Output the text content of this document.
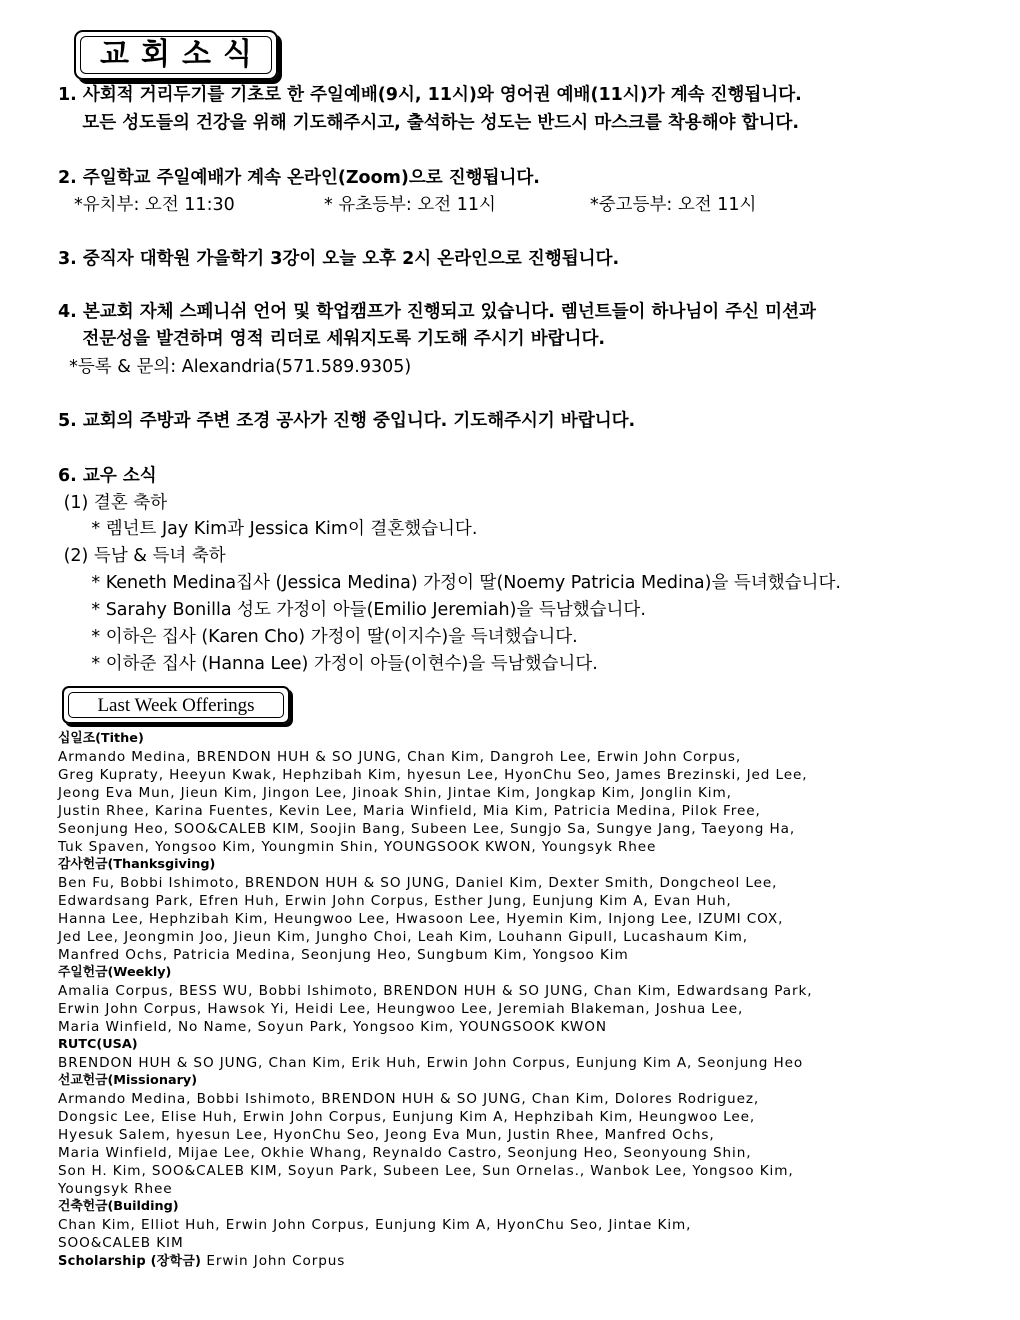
교회소식
1. 사회적 거리두기를 기초로 한 주일예배(9시, 11시)와 영어권 예배(11시)가 계속 진행됩니다.
모든 성도들의 건강을 위해 기도해주시고, 출석하는 성도는 반드시 마스크를 착용해야 합니다.
2. 주일학교 주일예배가 계속 온라인(Zoom)으로 진행됩니다.
*유치부: 오전 11:30	* 유초등부: 오전 11시	*중고등부: 오전 11시
3. 중직자 대학원 가을학기 3강이 오늘 오후 2시 온라인으로 진행됩니다.
4. 본교회 자체 스페니쉬 언어 및 학업캠프가 진행되고 있습니다. 렘넌트들이 하나님이 주신 미션과
전문성을 발견하며 영적 리더로 세워지도록 기도해 주시기 바랍니다.
*등록 & 문의: Alexandria(571.589.9305)
5. 교회의 주방과 주변 조경 공사가 진행 중입니다. 기도해주시기 바랍니다.
6. 교우 소식
(1) 결혼 축하
* 렘넌트 Jay Kim과 Jessica Kim이 결혼했습니다.
(2) 득남 & 득녀 축하
* Keneth Medina집사 (Jessica Medina) 가정이 딸(Noemy Patricia Medina)을 득녀했습니다.
* Sarahy Bonilla 성도 가정이 아들(Emilio Jeremiah)을 득남했습니다.
* 이하은 집사 (Karen Cho) 가정이 딸(이지수)을 득녀했습니다.
* 이하준 집사 (Hanna Lee) 가정이 아들(이현수)을 득남했습니다.
Last Week Offerings
십일조(Tithe)
Armando Medina, BRENDON HUH & SO JUNG, Chan Kim, Dangroh Lee, Erwin John Corpus,
Greg Kupraty, Heeyun Kwak, Hephzibah Kim, hyesun Lee, HyonChu Seo, James Brezinski, Jed Lee,
Jeong Eva Mun, Jieun Kim, Jingon Lee, Jinoak Shin, Jintae Kim, Jongkap Kim, Jonglin Kim,
Justin Rhee, Karina Fuentes, Kevin Lee, Maria Winfield, Mia Kim, Patricia Medina, Pilok Free,
Seonjung Heo, SOO&CALEB KIM, Soojin Bang, Subeen Lee, Sungjo Sa, Sungye Jang, Taeyong Ha,
Tuk Spaven, Yongsoo Kim, Youngmin Shin, YOUNGSOOK KWON, Youngsyk Rhee
감사헌금(Thanksgiving)
Ben Fu, Bobbi Ishimoto, BRENDON HUH & SO JUNG, Daniel Kim, Dexter Smith, Dongcheol Lee,
Edwardsang Park, Efren Huh, Erwin John Corpus, Esther Jung, Eunjung Kim A, Evan Huh,
Hanna Lee, Hephzibah Kim, Heungwoo Lee, Hwasoon Lee, Hyemin Kim, Injong Lee, IZUMI COX,
Jed Lee, Jeongmin Joo, Jieun Kim, Jungho Choi, Leah Kim, Louhann Gipull, Lucashaum Kim,
Manfred Ochs, Patricia Medina, Seonjung Heo, Sungbum Kim, Yongsoo Kim
주일헌금(Weekly)
Amalia Corpus, BESS WU, Bobbi Ishimoto, BRENDON HUH & SO JUNG, Chan Kim, Edwardsang Park,
Erwin John Corpus, Hawsok Yi, Heidi Lee, Heungwoo Lee, Jeremiah Blakeman, Joshua Lee,
Maria Winfield, No Name, Soyun Park, Yongsoo Kim, YOUNGSOOK KWON
RUTC(USA)
BRENDON HUH & SO JUNG, Chan Kim, Erik Huh, Erwin John Corpus, Eunjung Kim A, Seonjung Heo
선교헌금(Missionary)
Armando Medina, Bobbi Ishimoto, BRENDON HUH & SO JUNG, Chan Kim, Dolores Rodriguez,
Dongsic Lee, Elise Huh, Erwin John Corpus, Eunjung Kim A, Hephzibah Kim, Heungwoo Lee,
Hyesuk Salem, hyesun Lee, HyonChu Seo, Jeong Eva Mun, Justin Rhee, Manfred Ochs,
Maria Winfield, Mijae Lee, Okhie Whang, Reynaldo Castro, Seonjung Heo, Seonyoung Shin,
Son H. Kim, SOO&CALEB KIM, Soyun Park, Subeen Lee, Sun Ornelas., Wanbok Lee, Yongsoo Kim,
Youngsyk Rhee
건축헌금(Building)
Chan Kim, Elliot Huh, Erwin John Corpus, Eunjung Kim A, HyonChu Seo, Jintae Kim,
SOO&CALEB KIM
Scholarship (장학금) Erwin John Corpus
